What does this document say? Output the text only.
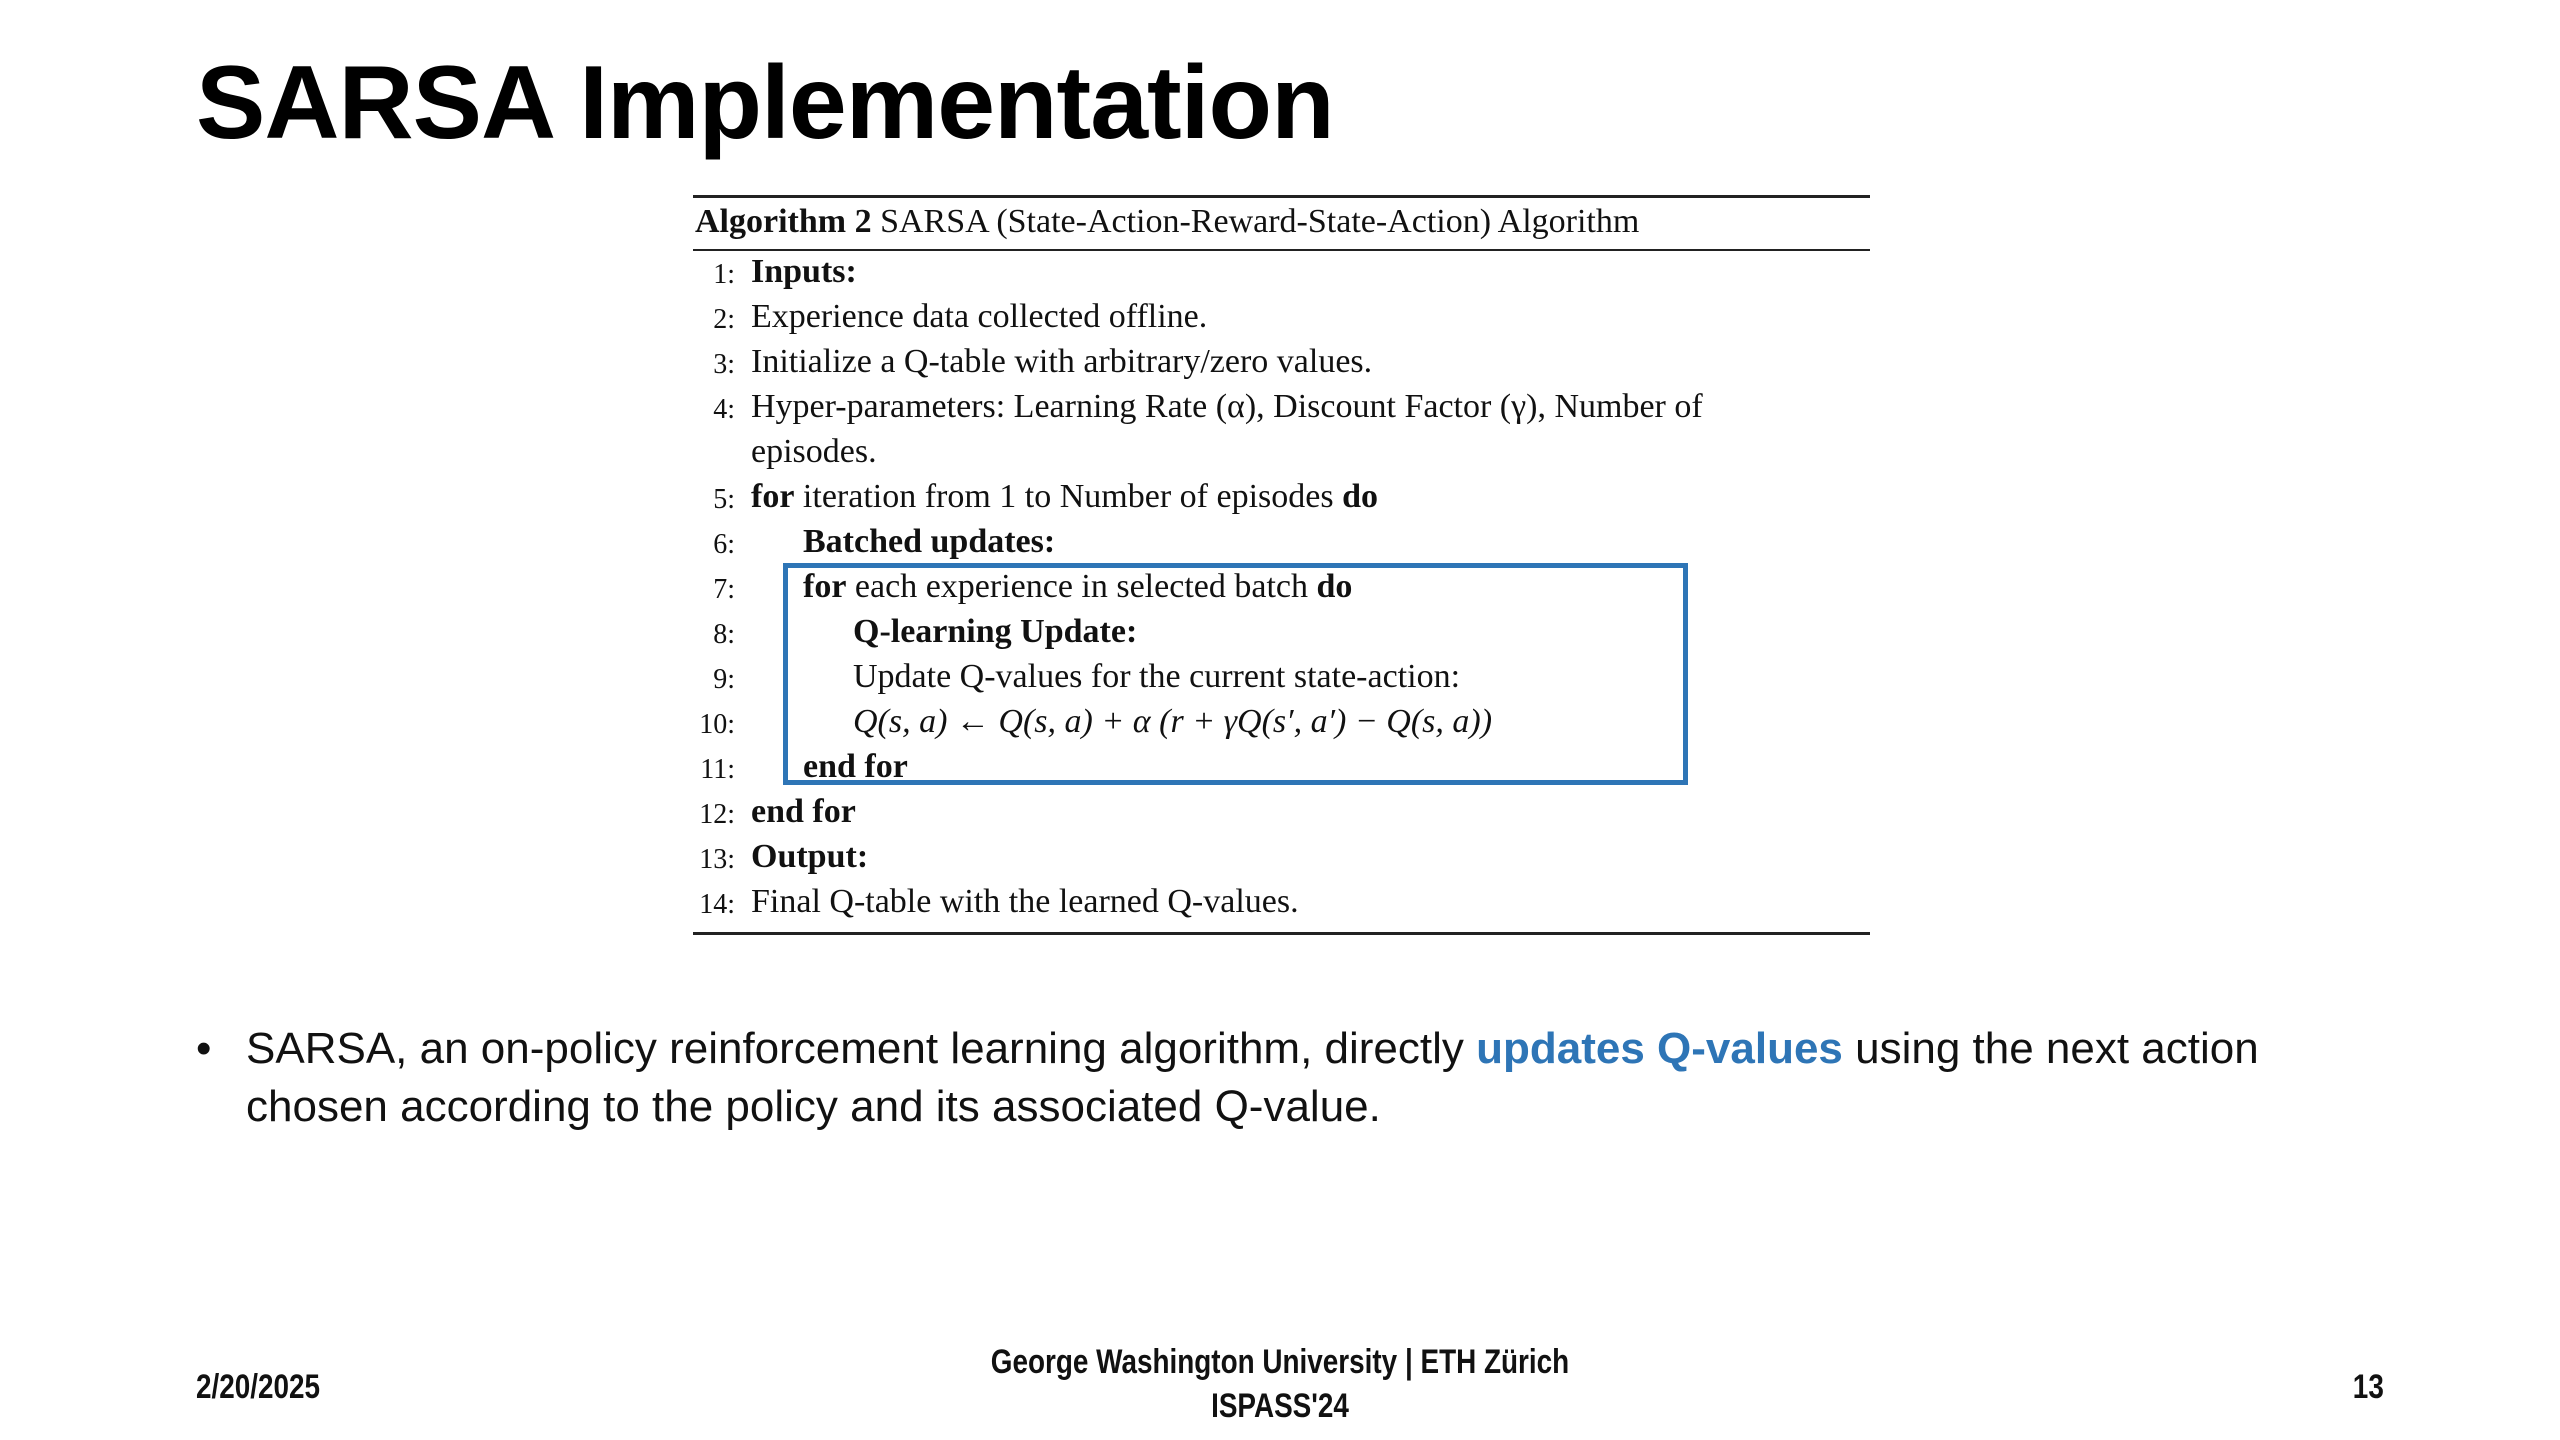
SARSA Implementation
Algorithm 2 SARSA (State-Action-Reward-State-Action) Algorithm
1: Inputs:
2: Experience data collected offline.
3: Initialize a Q-table with arbitrary/zero values.
4: Hyper-parameters: Learning Rate (α), Discount Factor (γ), Number of
episodes.
5: for iteration from 1 to Number of episodes do
6: Batched updates:
7: for each experience in selected batch do
8:	Q-learning Update:
9:	Update Q-values for the current state-action:
10:	Q(s, a) ← Q(s, a) + α (r + γQ(s′, a′) − Q(s, a))
11: end for
12: end for
13: Output:
14: Final Q-table with the learned Q-values.
• SARSA, an on-policy reinforcement learning algorithm, directly updates Q-values using the next action chosen according to the policy and its associated Q-value.
2/20/2025
George Washington University | ETH Zürich
ISPASS'24	13
